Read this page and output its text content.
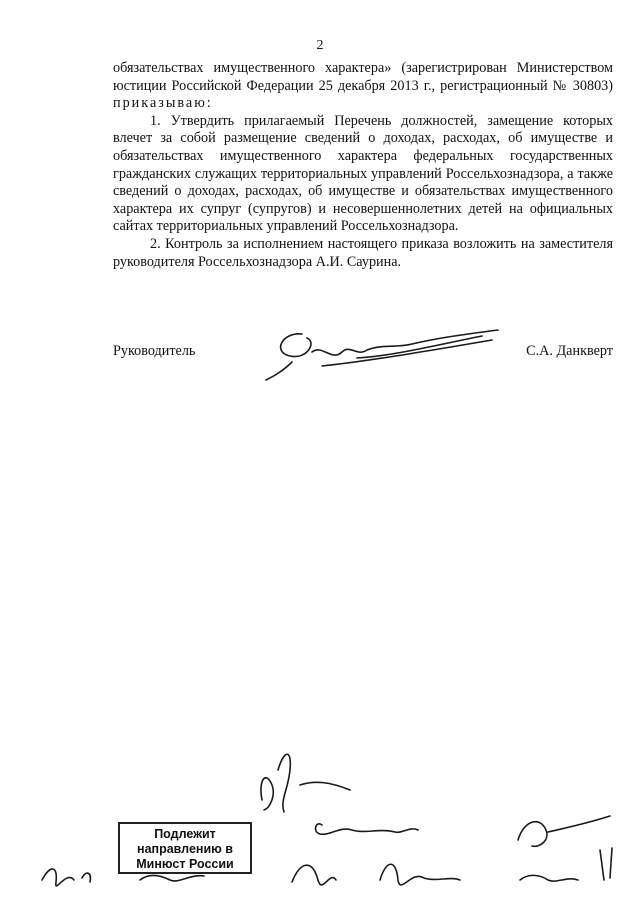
2

обязательствах имущественного характера» (зарегистрирован Министерством юстиции Российской Федерации 25 декабря 2013 г., регистрационный № 30803) приказываю:

1. Утвердить прилагаемый Перечень должностей, замещение которых влечет за собой размещение сведений о доходах, расходах, об имуществе и обязательствах имущественного характера федеральных государственных гражданских служащих территориальных управлений Россельхознадзора, а также сведений о доходах, расходах, об имуществе и обязательствах имущественного характера их супруг (супругов) и несовершеннолетних детей на официальных сайтах территориальных управлений Россельхознадзора.

2. Контроль за исполнением настоящего приказа возложить на заместителя руководителя Россельхознадзора А.И. Саурина.

Руководитель	С.А. Данкверт
Подлежит
направлению в
Минюст России
